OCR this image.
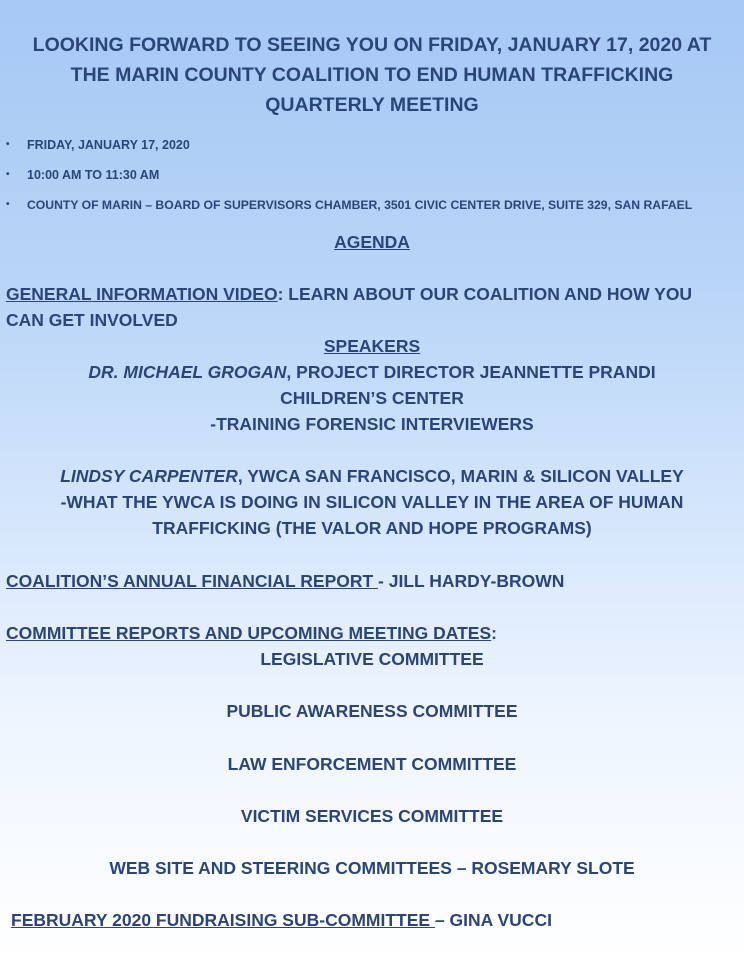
LOOKING FORWARD TO SEEING YOU ON FRIDAY, JANUARY 17, 2020 AT
THE MARIN COUNTY COALITION TO END HUMAN TRAFFICKING
QUARTERLY MEETING
• FRIDAY, JANUARY 17, 2020
• 10:00 AM TO 11:30 AM
• COUNTY OF MARIN – BOARD OF SUPERVISORS CHAMBER, 3501 CIVIC CENTER DRIVE, SUITE 329, SAN RAFAEL
AGENDA
GENERAL INFORMATION VIDEO: LEARN ABOUT OUR COALITION AND HOW YOU
CAN GET INVOLVED
SPEAKERS
DR. MICHAEL GROGAN, PROJECT DIRECTOR JEANNETTE PRANDI
CHILDREN’S CENTER
-TRAINING FORENSIC INTERVIEWERS
LINDSY CARPENTER, YWCA SAN FRANCISCO, MARIN & SILICON VALLEY
-WHAT THE YWCA IS DOING IN SILICON VALLEY IN THE AREA OF HUMAN
TRAFFICKING (THE VALOR AND HOPE PROGRAMS)
COALITION’S ANNUAL FINANCIAL REPORT - JILL HARDY-BROWN
COMMITTEE REPORTS AND UPCOMING MEETING DATES:
LEGISLATIVE COMMITTEE
PUBLIC AWARENESS COMMITTEE
LAW ENFORCEMENT COMMITTEE
VICTIM SERVICES COMMITTEE
WEB SITE AND STEERING COMMITTEES – ROSEMARY SLOTE
FEBRUARY 2020 FUNDRAISING SUB-COMMITTEE – GINA VUCCI
